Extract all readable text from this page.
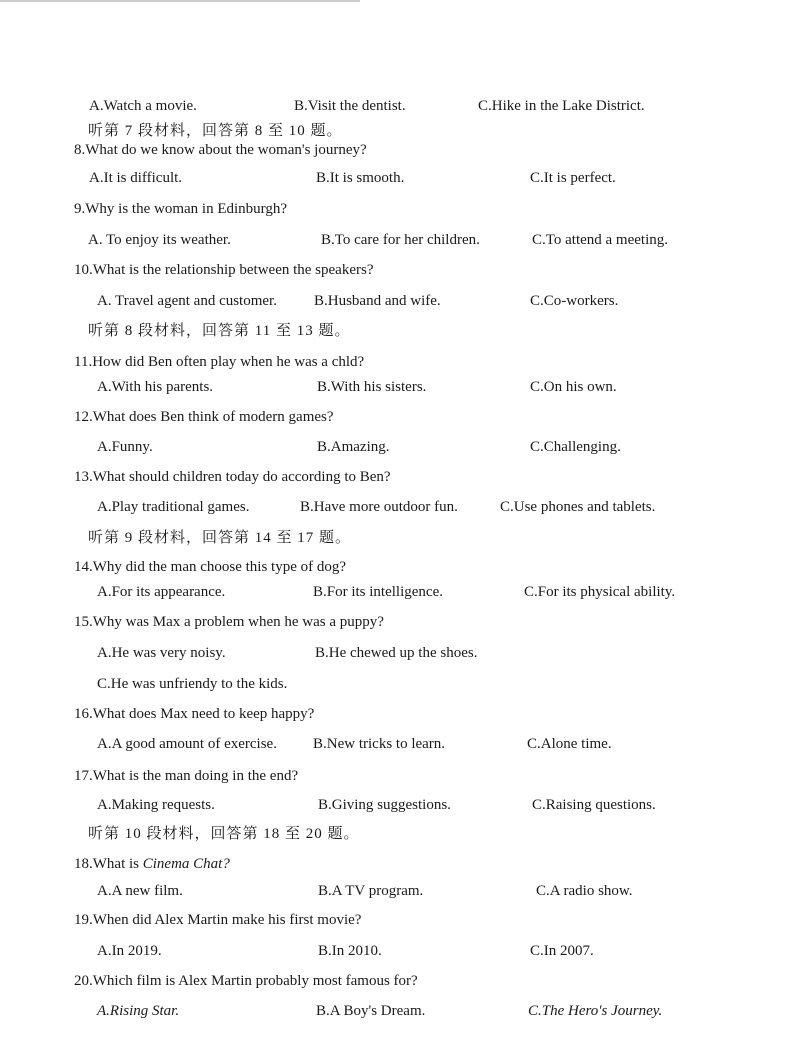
A.Watch a movie.	B.Visit the dentist.	C.Hike in the Lake District.
听第 7 段材料，回答第 8 至 10 题。
8.What do we know about the woman's journey?
A.It is difficult.	B.It is smooth.	C.It is perfect.
9.Why is the woman in Edinburgh?
A. To enjoy its weather.	B.To care for her children.	C.To attend a meeting.
10.What is the relationship between the speakers?
A. Travel agent and customer. B.Husband and wife.	C.Co-workers.
听第 8 段材料，回答第 11 至 13 题。
11.How did Ben often play when he was a chld?
A.With his parents.	B.With his sisters.	C.On his own.
12.What does Ben think of modern games?
A.Funny.	B.Amazing.	C.Challenging.
13.What should children today do according to Ben?
A.Play traditional games.	B.Have more outdoor fun.	C.Use phones and tablets.
听第 9 段材料，回答第 14 至 17 题。
14.Why did the man choose this type of dog?
A.For its appearance.	B.For its intelligence.	C.For its physical ability.
15.Why was Max a problem when he was a puppy?
A.He was very noisy.	B.He chewed up the shoes.
C.He was unfriendy to the kids.
16.What does Max need to keep happy?
A.A good amount of exercise. B.New tricks to learn.	C.Alone time.
17.What is the man doing in the end?
A.Making requests.	B.Giving suggestions.	C.Raising questions.
听第 10 段材料，回答第 18 至 20 题。
18.What is Cinema Chat?
A.A new film.	B.A TV program.	C.A radio show.
19.When did Alex Martin make his first movie?
A.In 2019.	B.In 2010.	C.In 2007.
20.Which film is Alex Martin probably most famous for?
A.Rising Star.	B.A Boy's Dream.	C.The Hero's Journey.
